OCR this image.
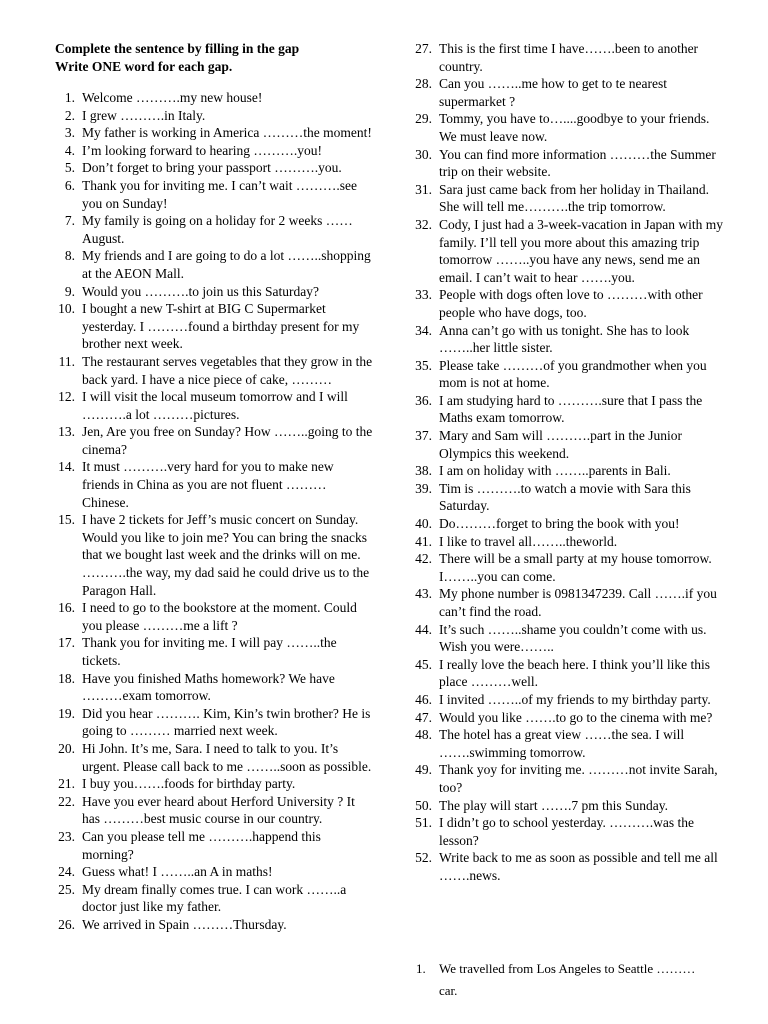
Complete the sentence by filling in the gap
Write ONE word for each gap.
1. Welcome ……….my new house!
2. I grew ……….in Italy.
3. My father is working in America ………the moment!
4. I’m looking forward to hearing ……….you!
5. Don’t forget to bring your passport ……….you.
6. Thank you for inviting me. I can’t wait ……….see you on Sunday!
7. My family is going on a holiday for 2 weeks ……August.
8. My friends and I are going to do a lot ……..shopping at the AEON Mall.
9. Would you ……….to join us this Saturday?
10. I bought a new T-shirt at BIG C Supermarket yesterday. I ………found a birthday present for my brother next week.
11. The restaurant serves vegetables that they grow in the back yard. I have a nice piece of cake, ………
12. I will visit the local museum tomorrow and I will ……….a lot ………pictures.
13. Jen, Are you free on Sunday? How ……..going to the cinema?
14. It must ……….very hard for you to make new friends in China as you are not fluent ……… Chinese.
15. I have 2 tickets for Jeff’s music concert on Sunday. Would you like to join me? You can bring the snacks that we bought last week and the drinks will on me. ……….the way, my dad said he could drive us to the Paragon Hall.
16. I need to go to the bookstore at the moment. Could you please ………me a lift ?
17. Thank you for inviting me. I will pay ……..the tickets.
18. Have you finished Maths homework? We have ………exam tomorrow.
19. Did you hear ………. Kim, Kin’s twin brother? He is going to ……… married next week.
20. Hi John. It’s me, Sara. I need to talk to you. It’s urgent. Please call back to me ……..soon as possible.
21. I buy you…….foods for birthday party.
22. Have you ever heard about Herford University ? It has ………best music course in our country.
23. Can you please tell me ……….happend this morning?
24. Guess what! I ……..an A in maths!
25. My dream finally comes true. I can work ……..a doctor just like my father.
26. We arrived in Spain ………Thursday.
27. This is the first time I have…….been to another country.
28. Can you ……..me how to get to te nearest supermarket ?
29. Tommy, you have to…....goodbye to your friends. We must leave now.
30. You can find more information ………the Summer trip on their website.
31. Sara just came back from her holiday in Thailand. She will tell me……….the trip tomorrow.
32. Cody, I just had a 3-week-vacation in Japan with my family. I’ll tell you more about this amazing trip tomorrow ……..you have any news, send me an email. I can’t wait to hear …….you.
33. People with dogs often love to ………with other people who have dogs, too.
34. Anna can’t go with us tonight. She has to look ……..her little sister.
35. Please take ………of you grandmother when you mom is not at home.
36. I am studying hard to ……….sure that I pass the Maths exam tomorrow.
37. Mary and Sam will ……….part in the Junior Olympics this weekend.
38. I am on holiday with ……..parents in Bali.
39. Tim is ……….to watch a movie with Sara this Saturday.
40. Do………forget to bring the book with you!
41. I like to travel all……..theworld.
42. There will be a small party at my house tomorrow. I……..you can come.
43. My phone number is 0981347239. Call …….if you can’t find the road.
44. It’s such ……..shame you couldn’t come with us. Wish you were……..
45. I really love the beach here. I think you’ll like this place ………well.
46. I invited ……..of my friends to my birthday party.
47. Would you like …….to go to the cinema with me?
48. The hotel has a great view ……the sea. I will …….swimming tomorrow.
49. Thank yoy for inviting me. ………not invite Sarah, too?
50. The play will start …….7 pm this Sunday.
51. I didn’t go to school yesterday. ……….was the lesson?
52. Write back to me as soon as possible and tell me all …….news.
1. We travelled from Los Angeles to Seattle ………
car.
